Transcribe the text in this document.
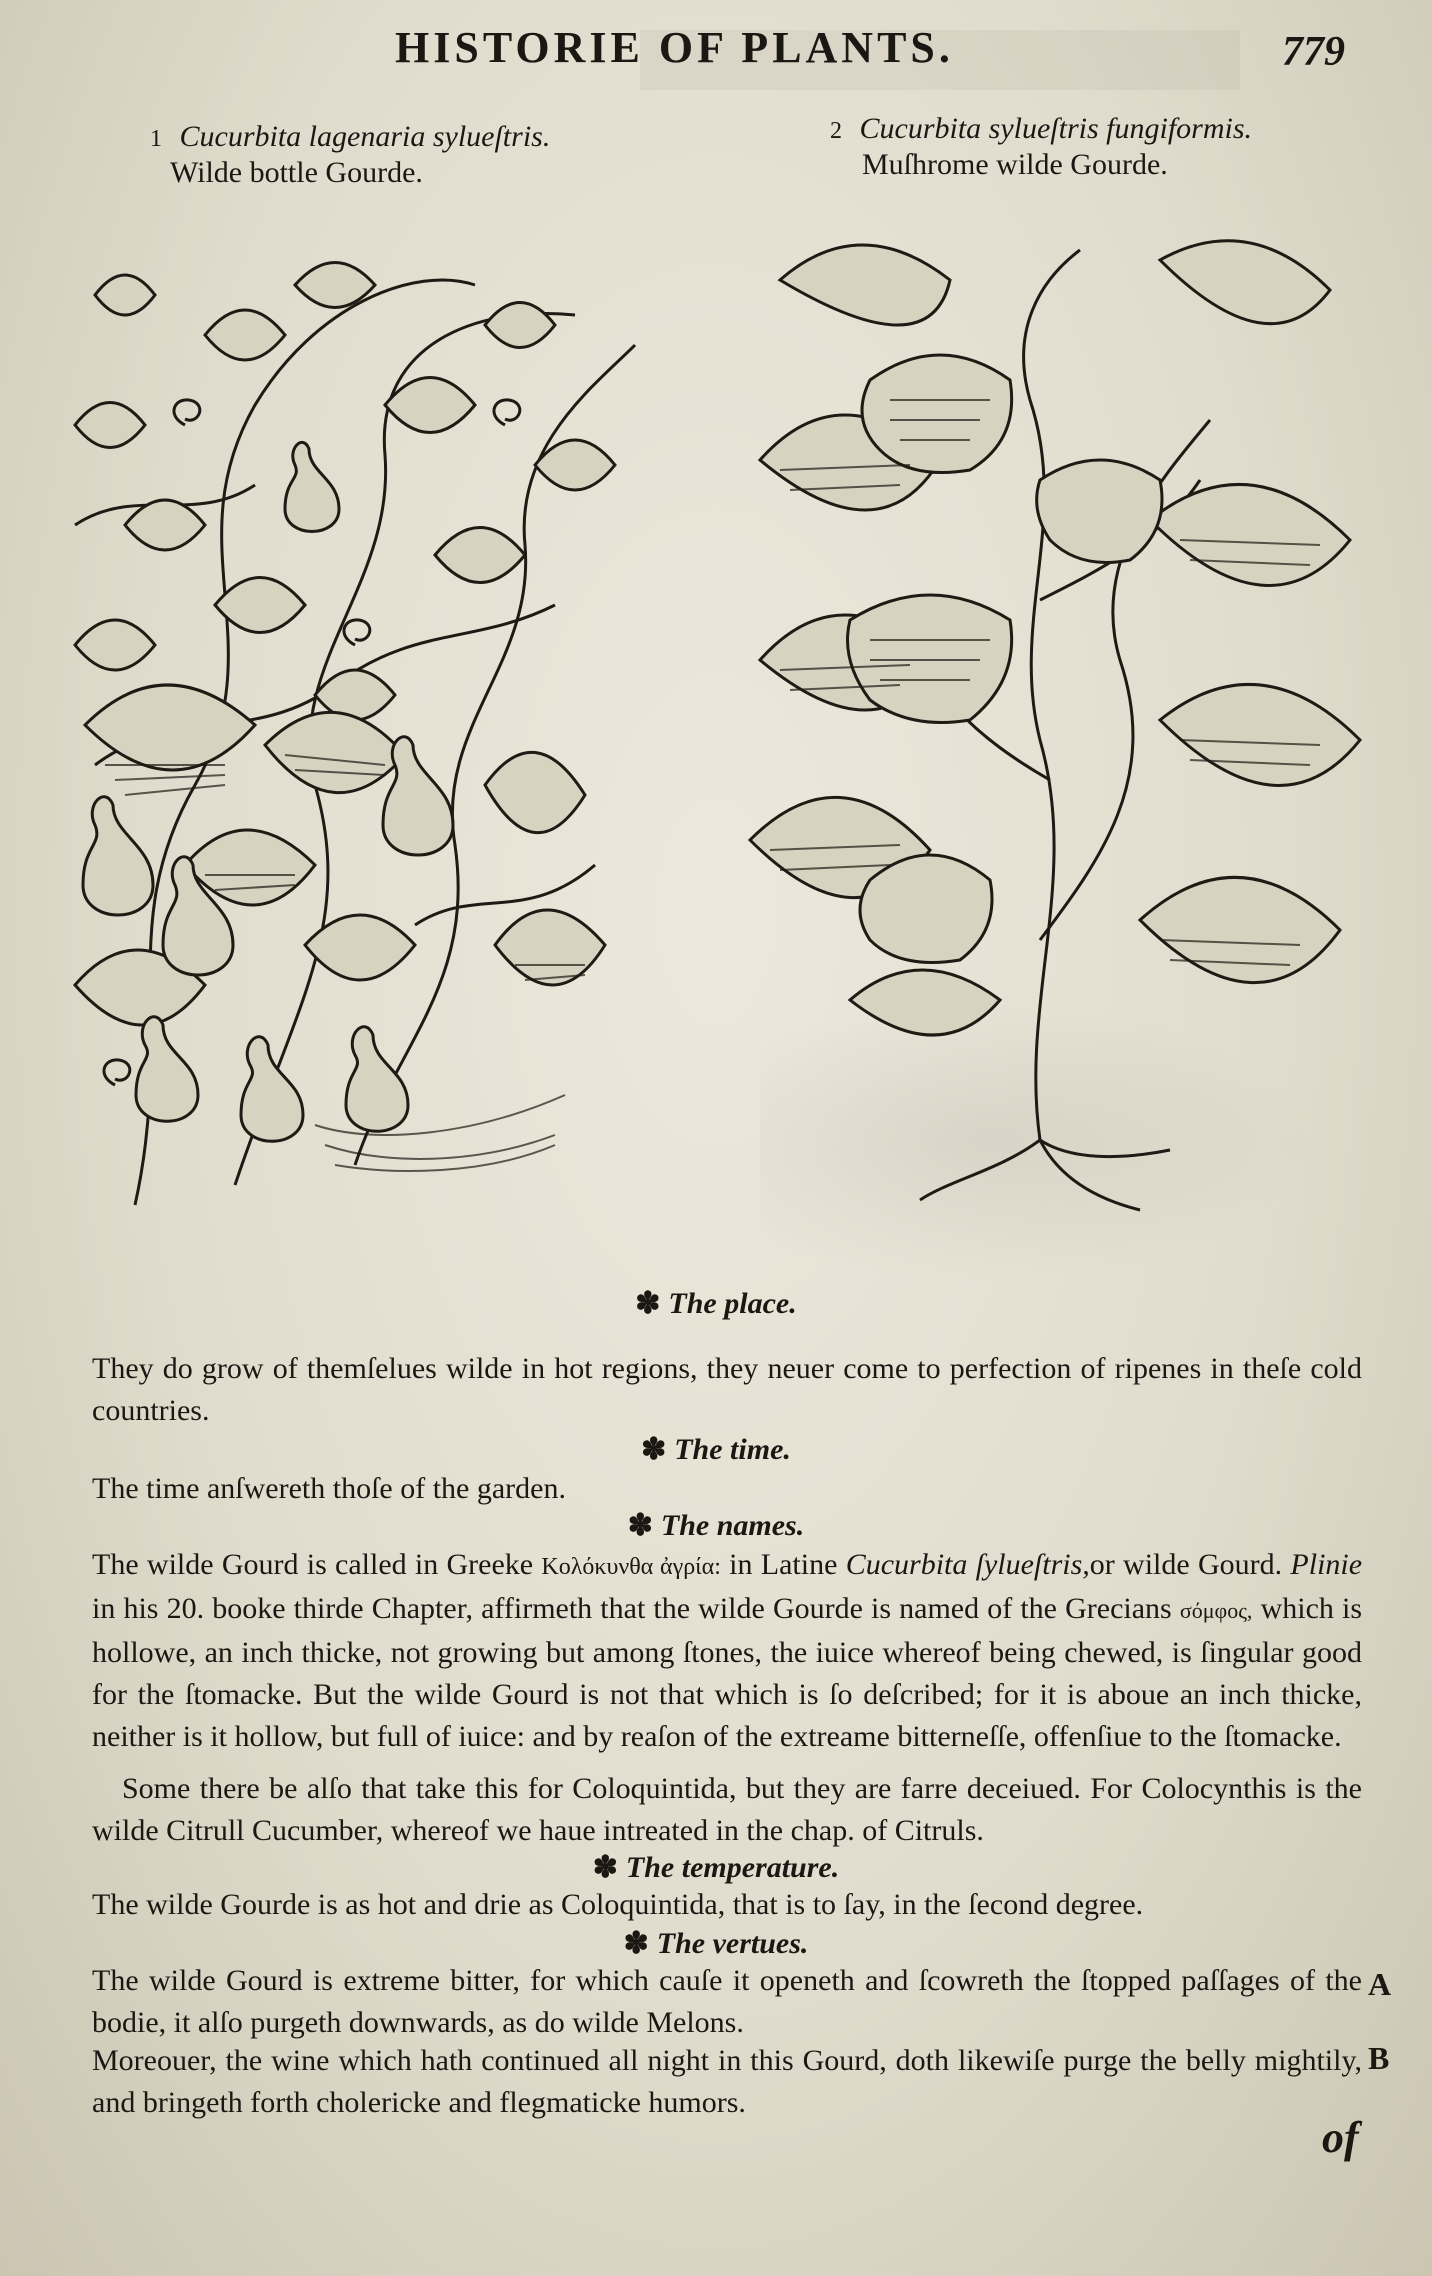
HISTORIE OF PLANTS.	779
1 Cucurbita lagenaria sylueſtris.
Wilde bottle Gourde.
2 Cucurbita sylueſtris fungiformis.
Muſhrome wilde Gourde.
✽ The place.
They do grow of themſelues wilde in hot regions, they neuer come to perfection of ripenes in theſe cold countries.
✽ The time.
The time anſwereth thoſe of the garden.
✽ The names.
The wilde Gourd is called in Greeke Κολόκυνθα ἀγρία: in Latine Cucurbita ſylueſtris,or wilde Gourd. Plinie in his 20. booke thirde Chapter, affirmeth that the wilde Gourde is named of the Grecians σόμφος, which is hollowe, an inch thicke, not growing but among ſtones, the iuice whereof being chewed, is ſingular good for the ſtomacke. But the wilde Gourd is not that which is ſo deſcribed; for it is aboue an inch thicke, neither is it hollow, but full of iuice: and by reaſon of the extreame bitterneſſe, offenſiue to the ſtomacke.
Some there be alſo that take this for Coloquintida, but they are farre deceiued. For Colocynthis is the wilde Citrull Cucumber, whereof we haue intreated in the chap. of Citruls.
✽ The temperature.
The wilde Gourde is as hot and drie as Coloquintida, that is to ſay, in the ſecond degree.
✽ The vertues.
The wilde Gourd is extreme bitter, for which cauſe it openeth and ſcowreth the ſtopped paſſages of the bodie, it alſo purgeth downwards, as do wilde Melons.
A
Moreouer, the wine which hath continued all night in this Gourd, doth likewiſe purge the belly mightily, and bringeth forth cholericke and flegmaticke humors.
B
of
